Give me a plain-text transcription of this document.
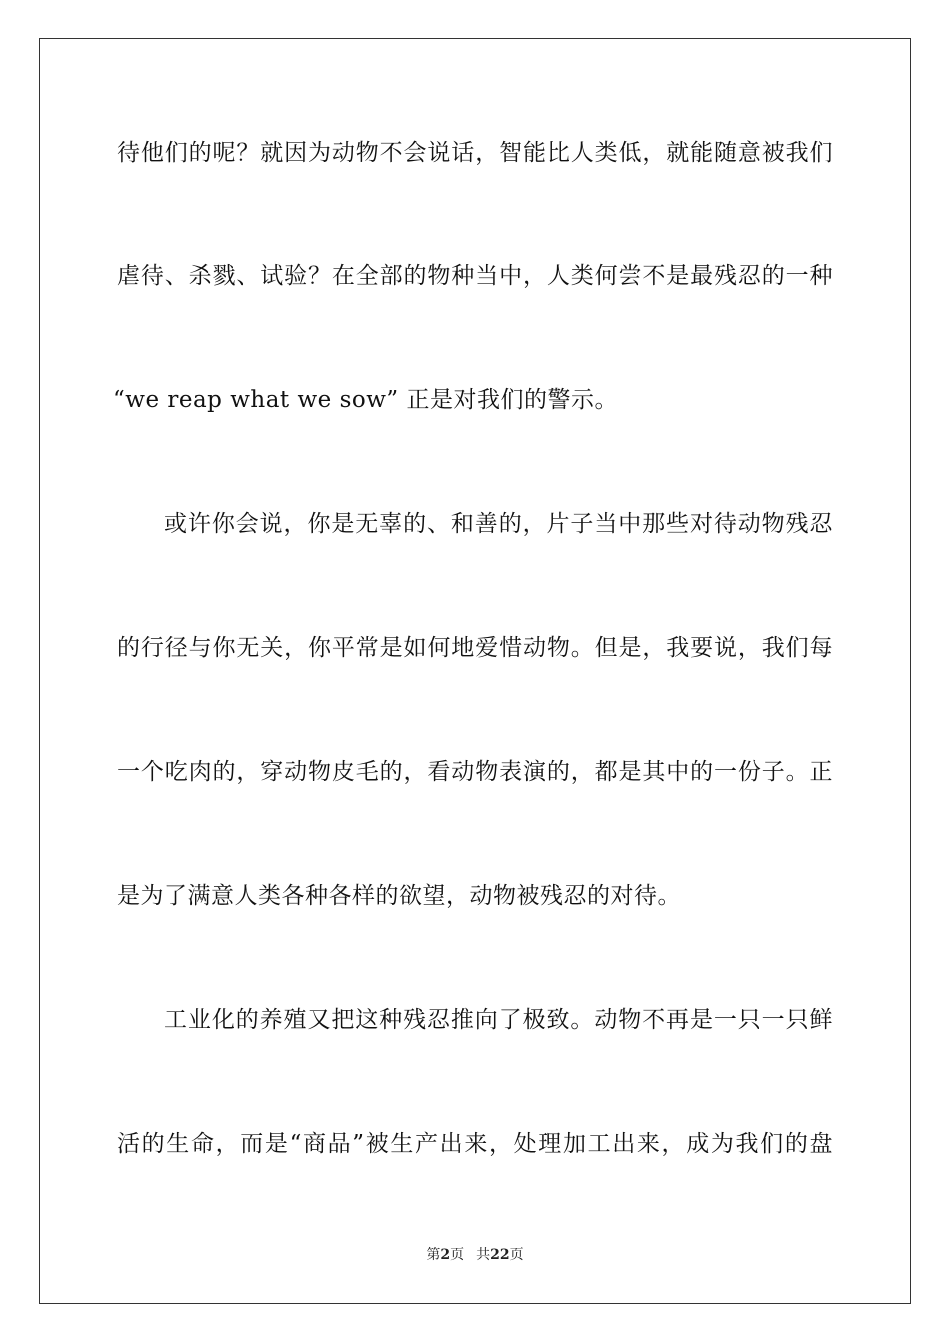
待他们的呢？就因为动物不会说话，智能比人类低，就能随意被我们
虐待、杀戮、试验？在全部的物种当中，人类何尝不是最残忍的一种
“we reap what we sow” 正是对我们的警示。
或许你会说，你是无辜的、和善的，片子当中那些对待动物残忍
的行径与你无关，你平常是如何地爱惜动物。但是，我要说，我们每
一个吃肉的，穿动物皮毛的，看动物表演的，都是其中的一份子。正
是为了满意人类各种各样的欲望，动物被残忍的对待。
工业化的养殖又把这种残忍推向了极致。动物不再是一只一只鲜
活的生命，而是“商品”被生产出来，处理加工出来，成为我们的盘
第2页 共22页
